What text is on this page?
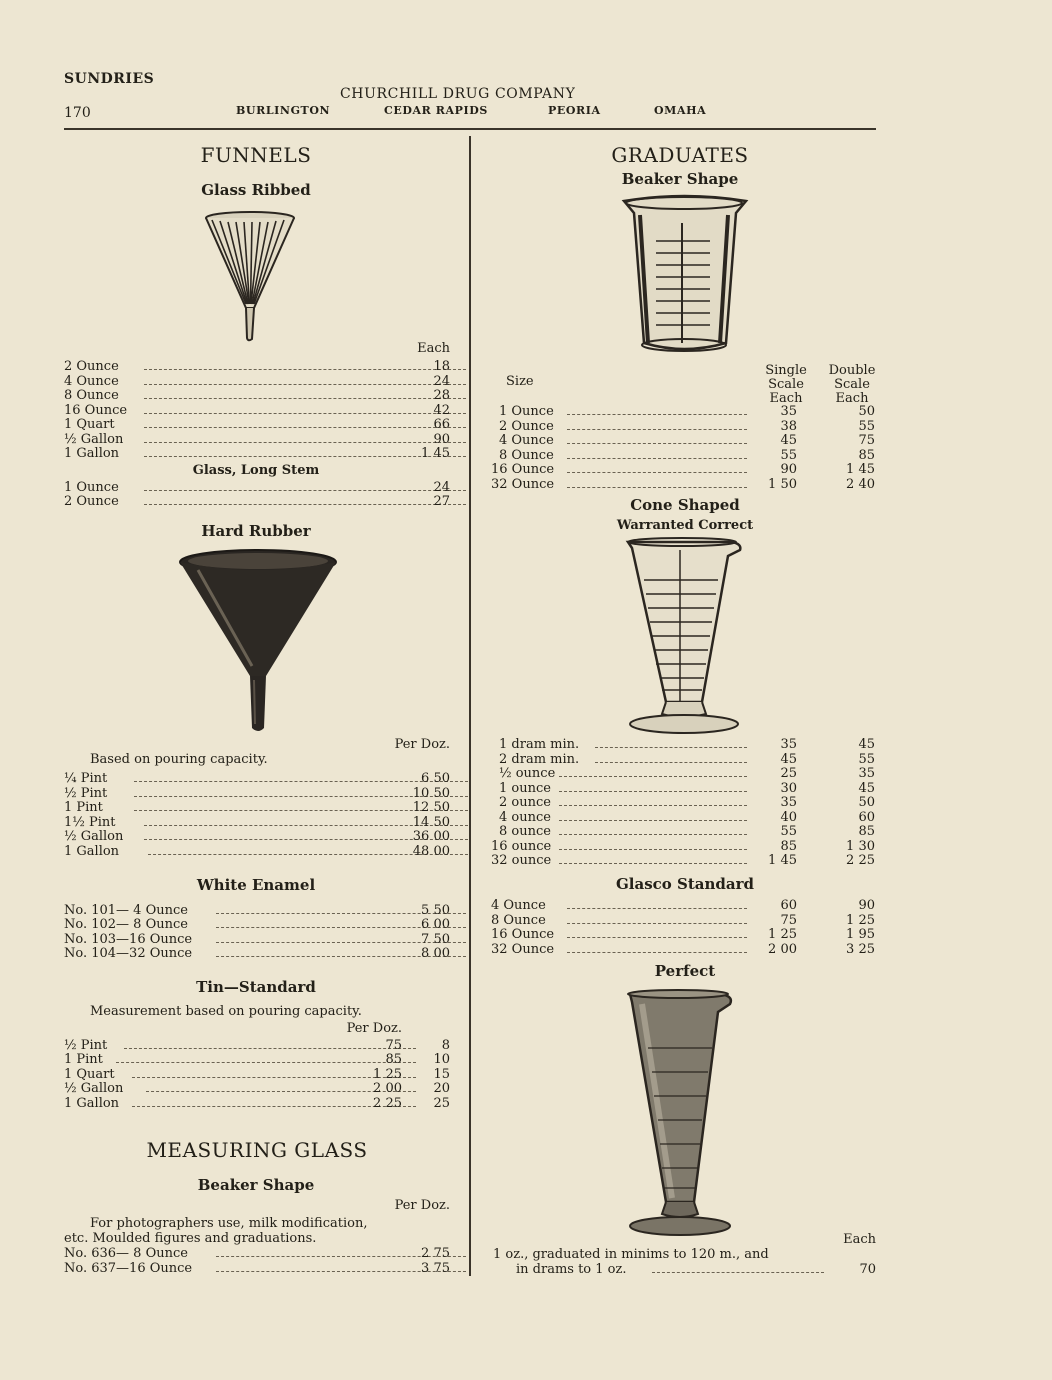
SUNDRIES
170
CHURCHILL DRUG COMPANY
BURLINGTON	CEDAR RAPIDS	PEORIA	OMAHA
FUNNELS
Glass Ribbed
Each
2 Ounce	18
4 Ounce	24
8 Ounce	28
16 Ounce	42
1 Quart	66
½ Gallon	90
1 Gallon	1 45
Glass, Long Stem
1 Ounce	24
2 Ounce	27
Hard Rubber
Per Doz.
Based on pouring capacity.
¼ Pint	6 50
½ Pint	10 50
1 Pint	12 50
1½ Pint	14 50
½ Gallon	36 00
1 Gallon	48 00
White Enamel
No. 101— 4 Ounce	5 50
No. 102— 8 Ounce	6 00
No. 103—16 Ounce	7 50
No. 104—32 Ounce	8 00
Tin—Standard
Measurement based on pouring capacity.
Per Doz.
½ Pint	75	8
1 Pint	85	10
1 Quart	1 25	15
½ Gallon	2 00	20
1 Gallon	2 25	25
MEASURING GLASS
Beaker Shape
Per Doz.
For photographers use, milk modification,
etc. Moulded figures and graduations.
No. 636— 8 Ounce	2 75
No. 637—16 Ounce	3 75
GRADUATES
Beaker Shape
Size
Single
Scale
Each
Double
Scale
Each
1 Ounce	35	50
2 Ounce	38	55
4 Ounce	45	75
8 Ounce	55	85
16 Ounce	90	1 45
32 Ounce	1 50	2 40
Cone Shaped
Warranted Correct
1 dram min.	35	45
2 dram min.	45	55
½ ounce	25	35
1 ounce	30	45
2 ounce	35	50
4 ounce	40	60
8 ounce	55	85
16 ounce	85	1 30
32 ounce	1 45	2 25
Glasco Standard
4 Ounce	60	90
8 Ounce	75	1 25
16 Ounce	1 25	1 95
32 Ounce	2 00	3 25
Perfect
Each
1 oz., graduated in minims to 120 m., and
in drams to 1 oz.	70
